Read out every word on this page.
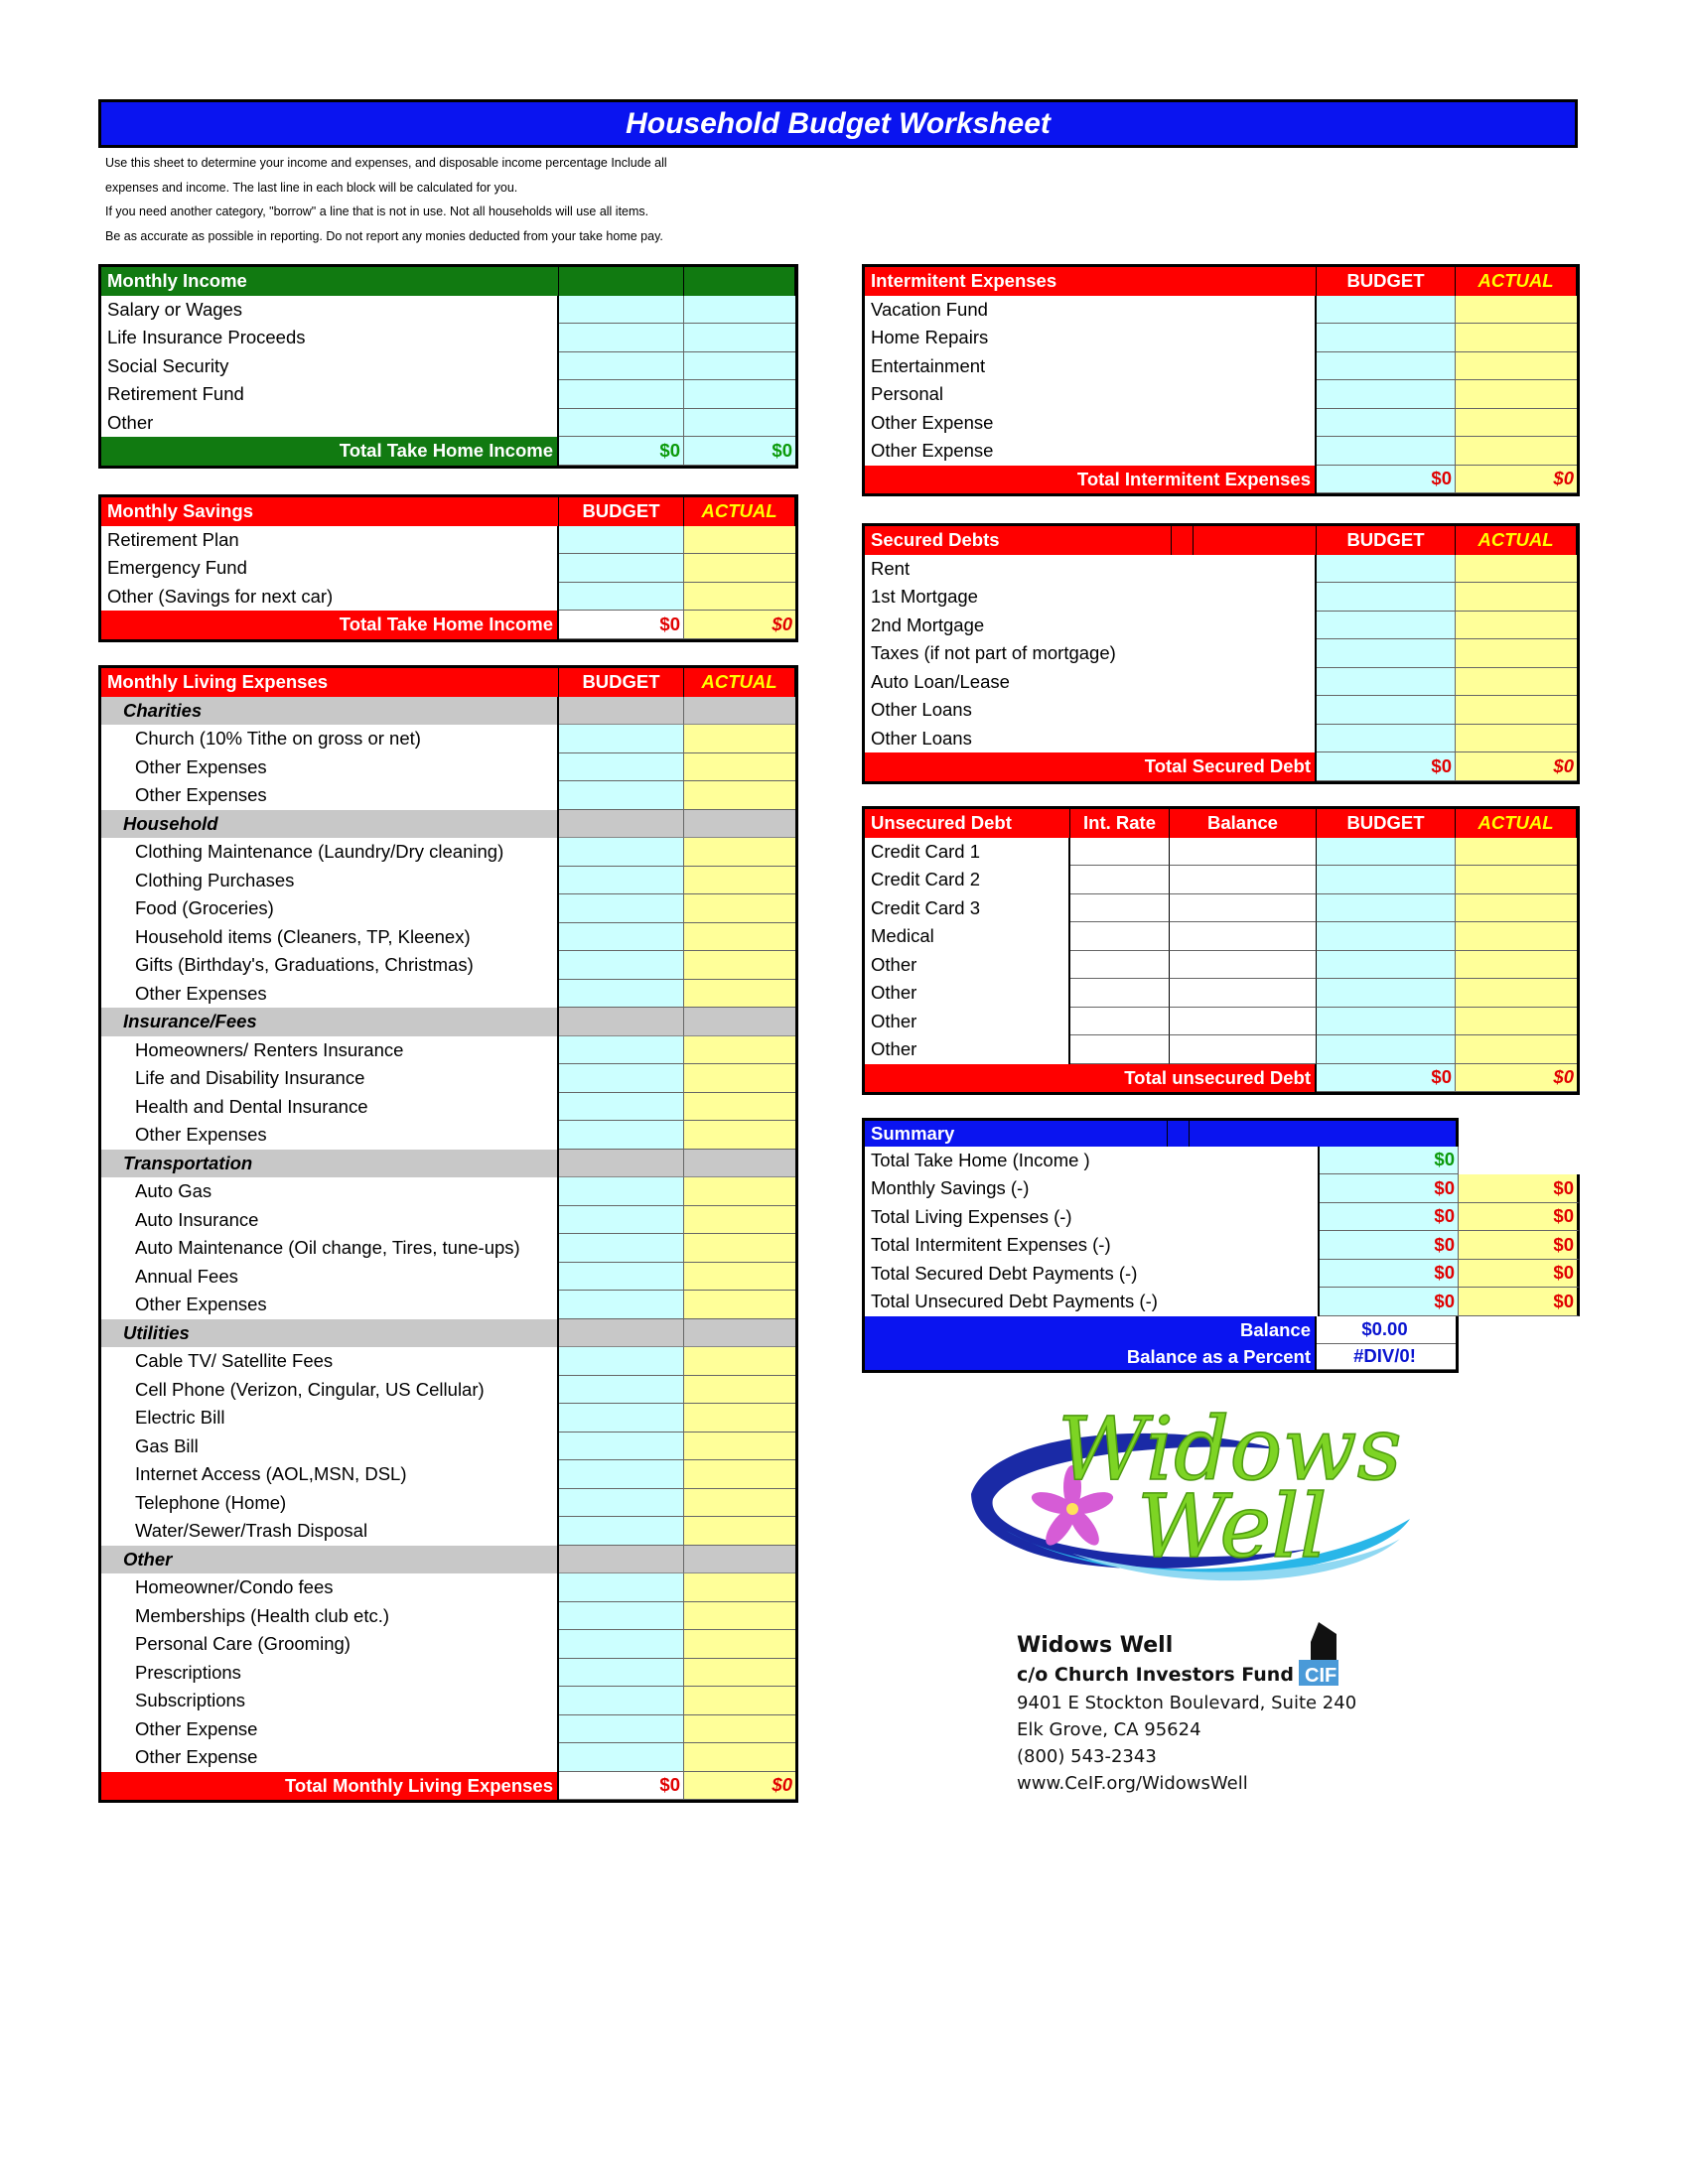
Household Budget Worksheet
Use this sheet to determine your income and expenses, and disposable income percentage Include all
expenses and income. The last line in each block will be calculated for you.
If you need another category, "borrow" a line that is not in use. Not all households will use all items.
Be as accurate as possible in reporting. Do not report any monies deducted from your take home pay.
Monthly Income
Salary or Wages
Life Insurance Proceeds
Social Security
Retirement Fund
Other
Total Take Home Income	$0	$0
Monthly Savings	BUDGET	ACTUAL
Retirement Plan
Emergency Fund
Other (Savings for next car)
Total Take Home Income	$0	$0
Monthly Living Expenses	BUDGET	ACTUAL
Charities
Church (10% Tithe on gross or net)
Other Expenses
Other Expenses
Household
Clothing Maintenance (Laundry/Dry cleaning)
Clothing Purchases
Food (Groceries)
Household items (Cleaners, TP, Kleenex)
Gifts (Birthday's, Graduations, Christmas)
Other Expenses
Insurance/Fees
Homeowners/ Renters Insurance
Life and Disability Insurance
Health and Dental Insurance
Other Expenses
Transportation
Auto Gas
Auto Insurance
Auto Maintenance (Oil change, Tires, tune-ups)
Annual Fees
Other Expenses
Utilities
Cable TV/ Satellite Fees
Cell Phone (Verizon, Cingular, US Cellular)
Electric Bill
Gas Bill
Internet Access (AOL,MSN, DSL)
Telephone (Home)
Water/Sewer/Trash Disposal
Other
Homeowner/Condo fees
Memberships (Health club etc.)
Personal Care (Grooming)
Prescriptions
Subscriptions
Other Expense
Other Expense
Total Monthly Living Expenses	$0	$0
Intermitent Expenses	BUDGET	ACTUAL
Vacation Fund
Home Repairs
Entertainment
Personal
Other Expense
Other Expense
Total Intermitent Expenses	$0	$0
Secured Debts	BUDGET	ACTUAL
Rent
1st Mortgage
2nd Mortgage
Taxes (if not part of mortgage)
Auto Loan/Lease
Other Loans
Other Loans
Total Secured Debt	$0	$0
Unsecured Debt	Int. Rate	Balance	BUDGET	ACTUAL
Credit Card 1
Credit Card 2
Credit Card 3
Medical
Other
Other
Other
Other
Total unsecured Debt	$0	$0
Summary
Total Take Home (Income )	$0
Monthly Savings (-)	$0	$0
Total Living Expenses (-)	$0	$0
Total Intermitent Expenses (-)	$0	$0
Total Secured Debt Payments (-)	$0	$0
Total Unsecured Debt Payments (-)	$0	$0
Balance	$0.00
Balance as a Percent	#DIV/0!
Widows
Well
CIF
Widows Well
c/o Church Investors Fund
9401 E Stockton Boulevard, Suite 240
Elk Grove, CA 95624
(800) 543-2343
www.CeIF.org/WidowsWell
